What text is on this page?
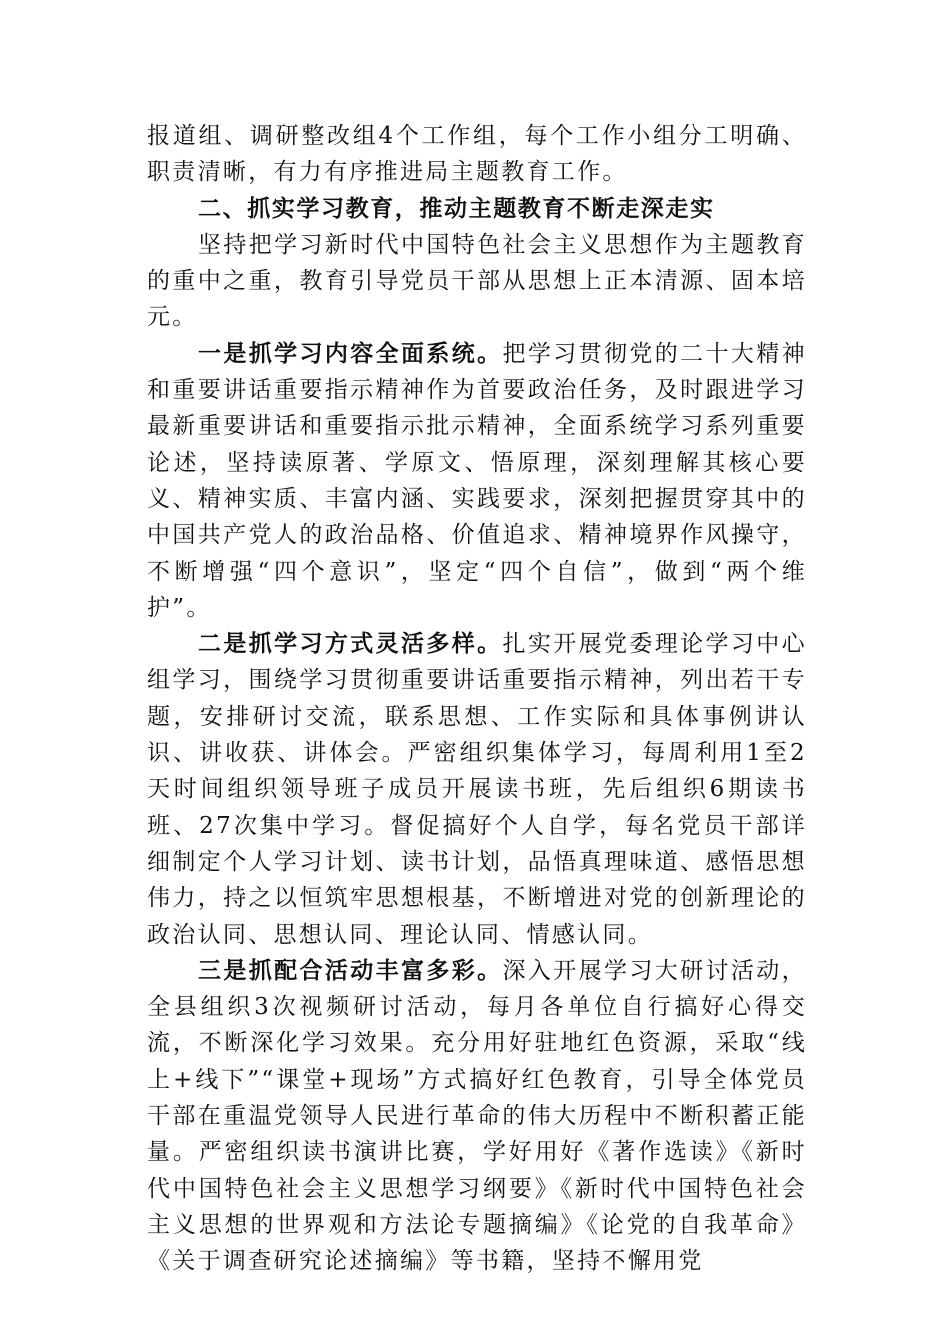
报道组、调研整改组4个工作组，每个工作小组分工明确、职责清晰，有力有序推进局主题教育工作。

二、抓实学习教育，推动主题教育不断走深走实

坚持把学习新时代中国特色社会主义思想作为主题教育的重中之重，教育引导党员干部从思想上正本清源、固本培元。

一是抓学习内容全面系统。把学习贯彻党的二十大精神和重要讲话重要指示精神作为首要政治任务，及时跟进学习最新重要讲话和重要指示批示精神，全面系统学习系列重要论述，坚持读原著、学原文、悟原理，深刻理解其核心要义、精神实质、丰富内涵、实践要求，深刻把握贯穿其中的中国共产党人的政治品格、价值追求、精神境界作风操守，不断增强“四个意识”，坚定“四个自信”，做到“两个维护”。

二是抓学习方式灵活多样。扎实开展党委理论学习中心组学习，围绕学习贯彻重要讲话重要指示精神，列出若干专题，安排研讨交流，联系思想、工作实际和具体事例讲认识、讲收获、讲体会。严密组织集体学习，每周利用1至2天时间组织领导班子成员开展读书班，先后组织6期读书班、27次集中学习。督促搞好个人自学，每名党员干部详细制定个人学习计划、读书计划，品悟真理味道、感悟思想伟力，持之以恒筑牢思想根基，不断增进对党的创新理论的政治认同、思想认同、理论认同、情感认同。

三是抓配合活动丰富多彩。深入开展学习大研讨活动，全县组织3次视频研讨活动，每月各单位自行搞好心得交流，不断深化学习效果。充分用好驻地红色资源，采取“线上+线下”“课堂+现场”方式搞好红色教育，引导全体党员干部在重温党领导人民进行革命的伟大历程中不断积蓄正能量。严密组织读书演讲比赛，学好用好《著作选读》《新时代中国特色社会主义思想学习纲要》《新时代中国特色社会主义思想的世界观和方法论专题摘编》《论党的自我革命》《关于调查研究论述摘编》等书籍，坚持不懈用党
